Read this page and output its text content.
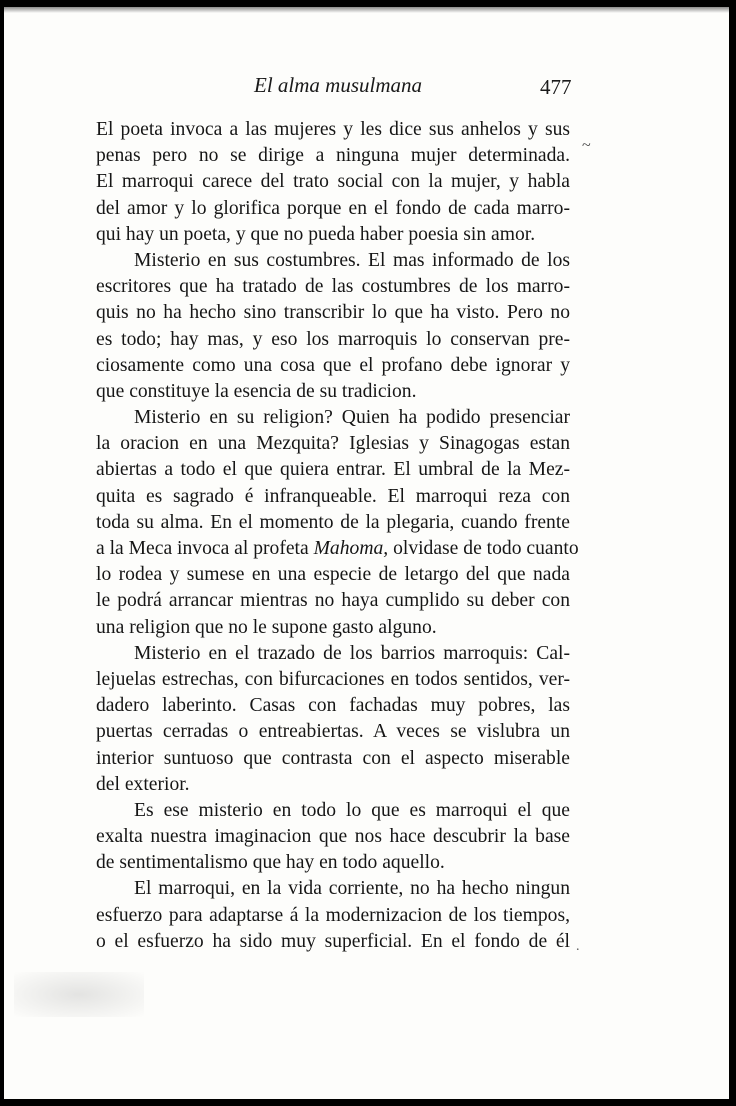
El alma musulmana	477
~
El poeta invoca a las mujeres y les dice sus anhelos y sus
penas pero no se dirige a ninguna mujer determinada.
El marroqui carece del trato social con la mujer, y habla
del amor y lo glorifica porque en el fondo de cada marro-
qui hay un poeta, y que no pueda haber poesia sin amor.
Misterio en sus costumbres. El mas informado de los
escritores que ha tratado de las costumbres de los marro-
quis no ha hecho sino transcribir lo que ha visto. Pero no
es todo; hay mas, y eso los marroquis lo conservan pre-
ciosamente como una cosa que el profano debe ignorar y
que constituye la esencia de su tradicion.
Misterio en su religion? Quien ha podido presenciar
la oracion en una Mezquita? Iglesias y Sinagogas estan
abiertas a todo el que quiera entrar. El umbral de la Mez-
quita es sagrado é infranqueable. El marroqui reza con
toda su alma. En el momento de la plegaria, cuando frente
a la Meca invoca al profeta Mahoma, olvidase de todo cuanto
lo rodea y sumese en una especie de letargo del que nada
le podrá arrancar mientras no haya cumplido su deber con
una religion que no le supone gasto alguno.
Misterio en el trazado de los barrios marroquis: Cal-
lejuelas estrechas, con bifurcaciones en todos sentidos, ver-
dadero laberinto. Casas con fachadas muy pobres, las
puertas cerradas o entreabiertas. A veces se vislubra un
interior suntuoso que contrasta con el aspecto miserable
del exterior.
Es ese misterio en todo lo que es marroqui el que
exalta nuestra imaginacion que nos hace descubrir la base
de sentimentalismo que hay en todo aquello.
El marroqui, en la vida corriente, no ha hecho ningun
esfuerzo para adaptarse á la modernizacion de los tiempos,
o el esfuerzo ha sido muy superficial. En el fondo de él .
